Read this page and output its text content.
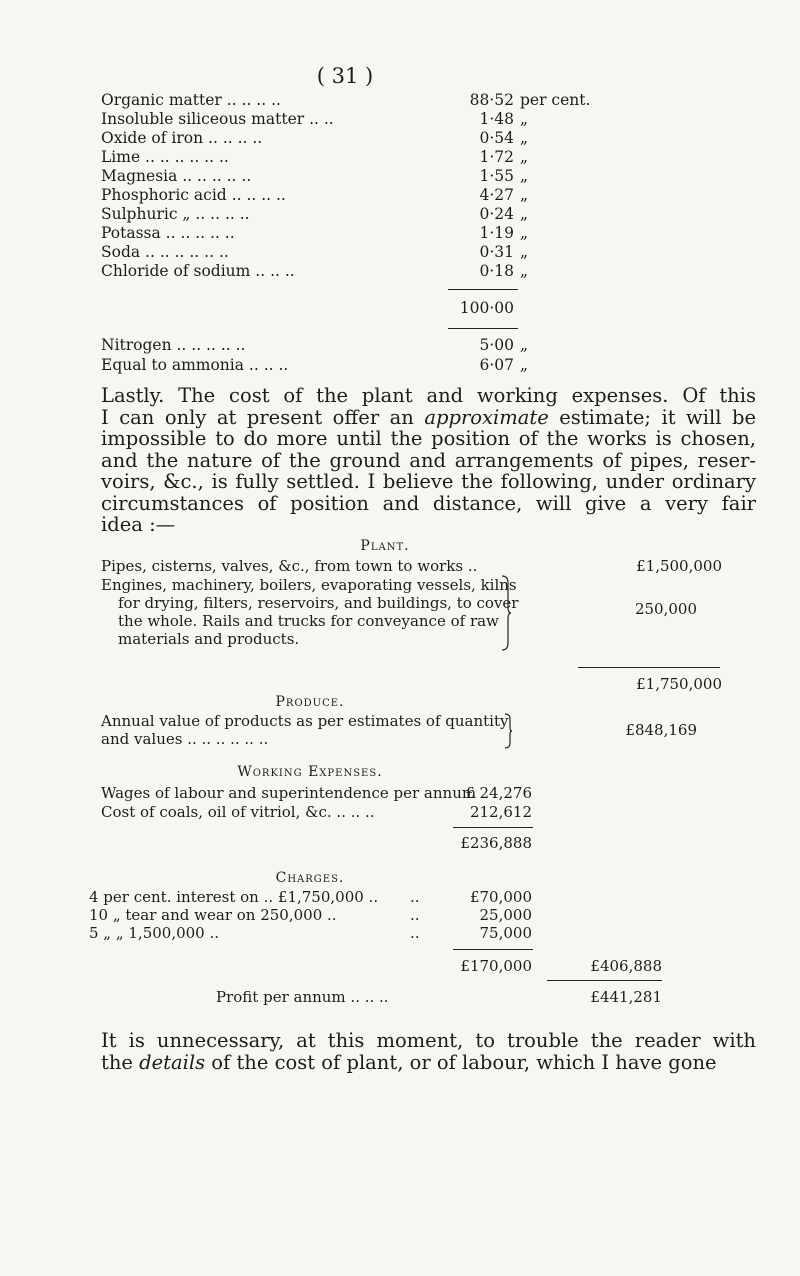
( 31 )
Organic matter .. .. .. ..	88·52 per cent.
Insoluble siliceous matter .. ..	1·48 „
Oxide of iron .. .. .. ..	0·54 „
Lime .. .. .. .. .. ..	1·72 „
Magnesia .. .. .. .. ..	1·55 „
Phosphoric acid .. .. .. ..	4·27 „
Sulphuric „ .. .. .. ..	0·24 „
Potassa .. .. .. .. ..	1·19 „
Soda .. .. .. .. .. ..	0·31 „
Chloride of sodium .. .. ..	0·18 „
100·00
Nitrogen .. .. .. .. ..	5·00 „
Equal to ammonia .. .. ..	6·07 „
Lastly. The cost of the plant and working expenses. Of this
I can only at present offer an approximate estimate; it will be
impossible to do more until the position of the works is chosen,
and the nature of the ground and arrangements of pipes, reser-
voirs, &c., is fully settled. I believe the following, under ordinary
circumstances of position and distance, will give a very fair
idea :—
Plant.
Pipes, cisterns, valves, &c., from town to works ..	£1,500,000
Engines, machinery, boilers, evaporating vessels, kilns
for drying, filters, reservoirs, and buildings, to cover
the whole. Rails and trucks for conveyance of raw
materials and products.
250,000
£1,750,000
Produce.
Annual value of products as per estimates of quantity
and values .. .. .. .. .. ..	£848,169
Working Expenses.
Wages of labour and superintendence per annum
£ 24,276
Cost of coals, oil of vitriol, &c. .. .. ..	212,612
£236,888
Charges.
4 per cent. interest on .. £1,750,000 .. ..	£70,000
10 „ tear and wear on 250,000 ..	..	25,000
5 „ „ 1,500,000 ..	..	75,000
£170,000	£406,888
Profit per annum .. .. ..	£441,281
It is unnecessary, at this moment, to trouble the reader with
the details of the cost of plant, or of labour, which I have gone
